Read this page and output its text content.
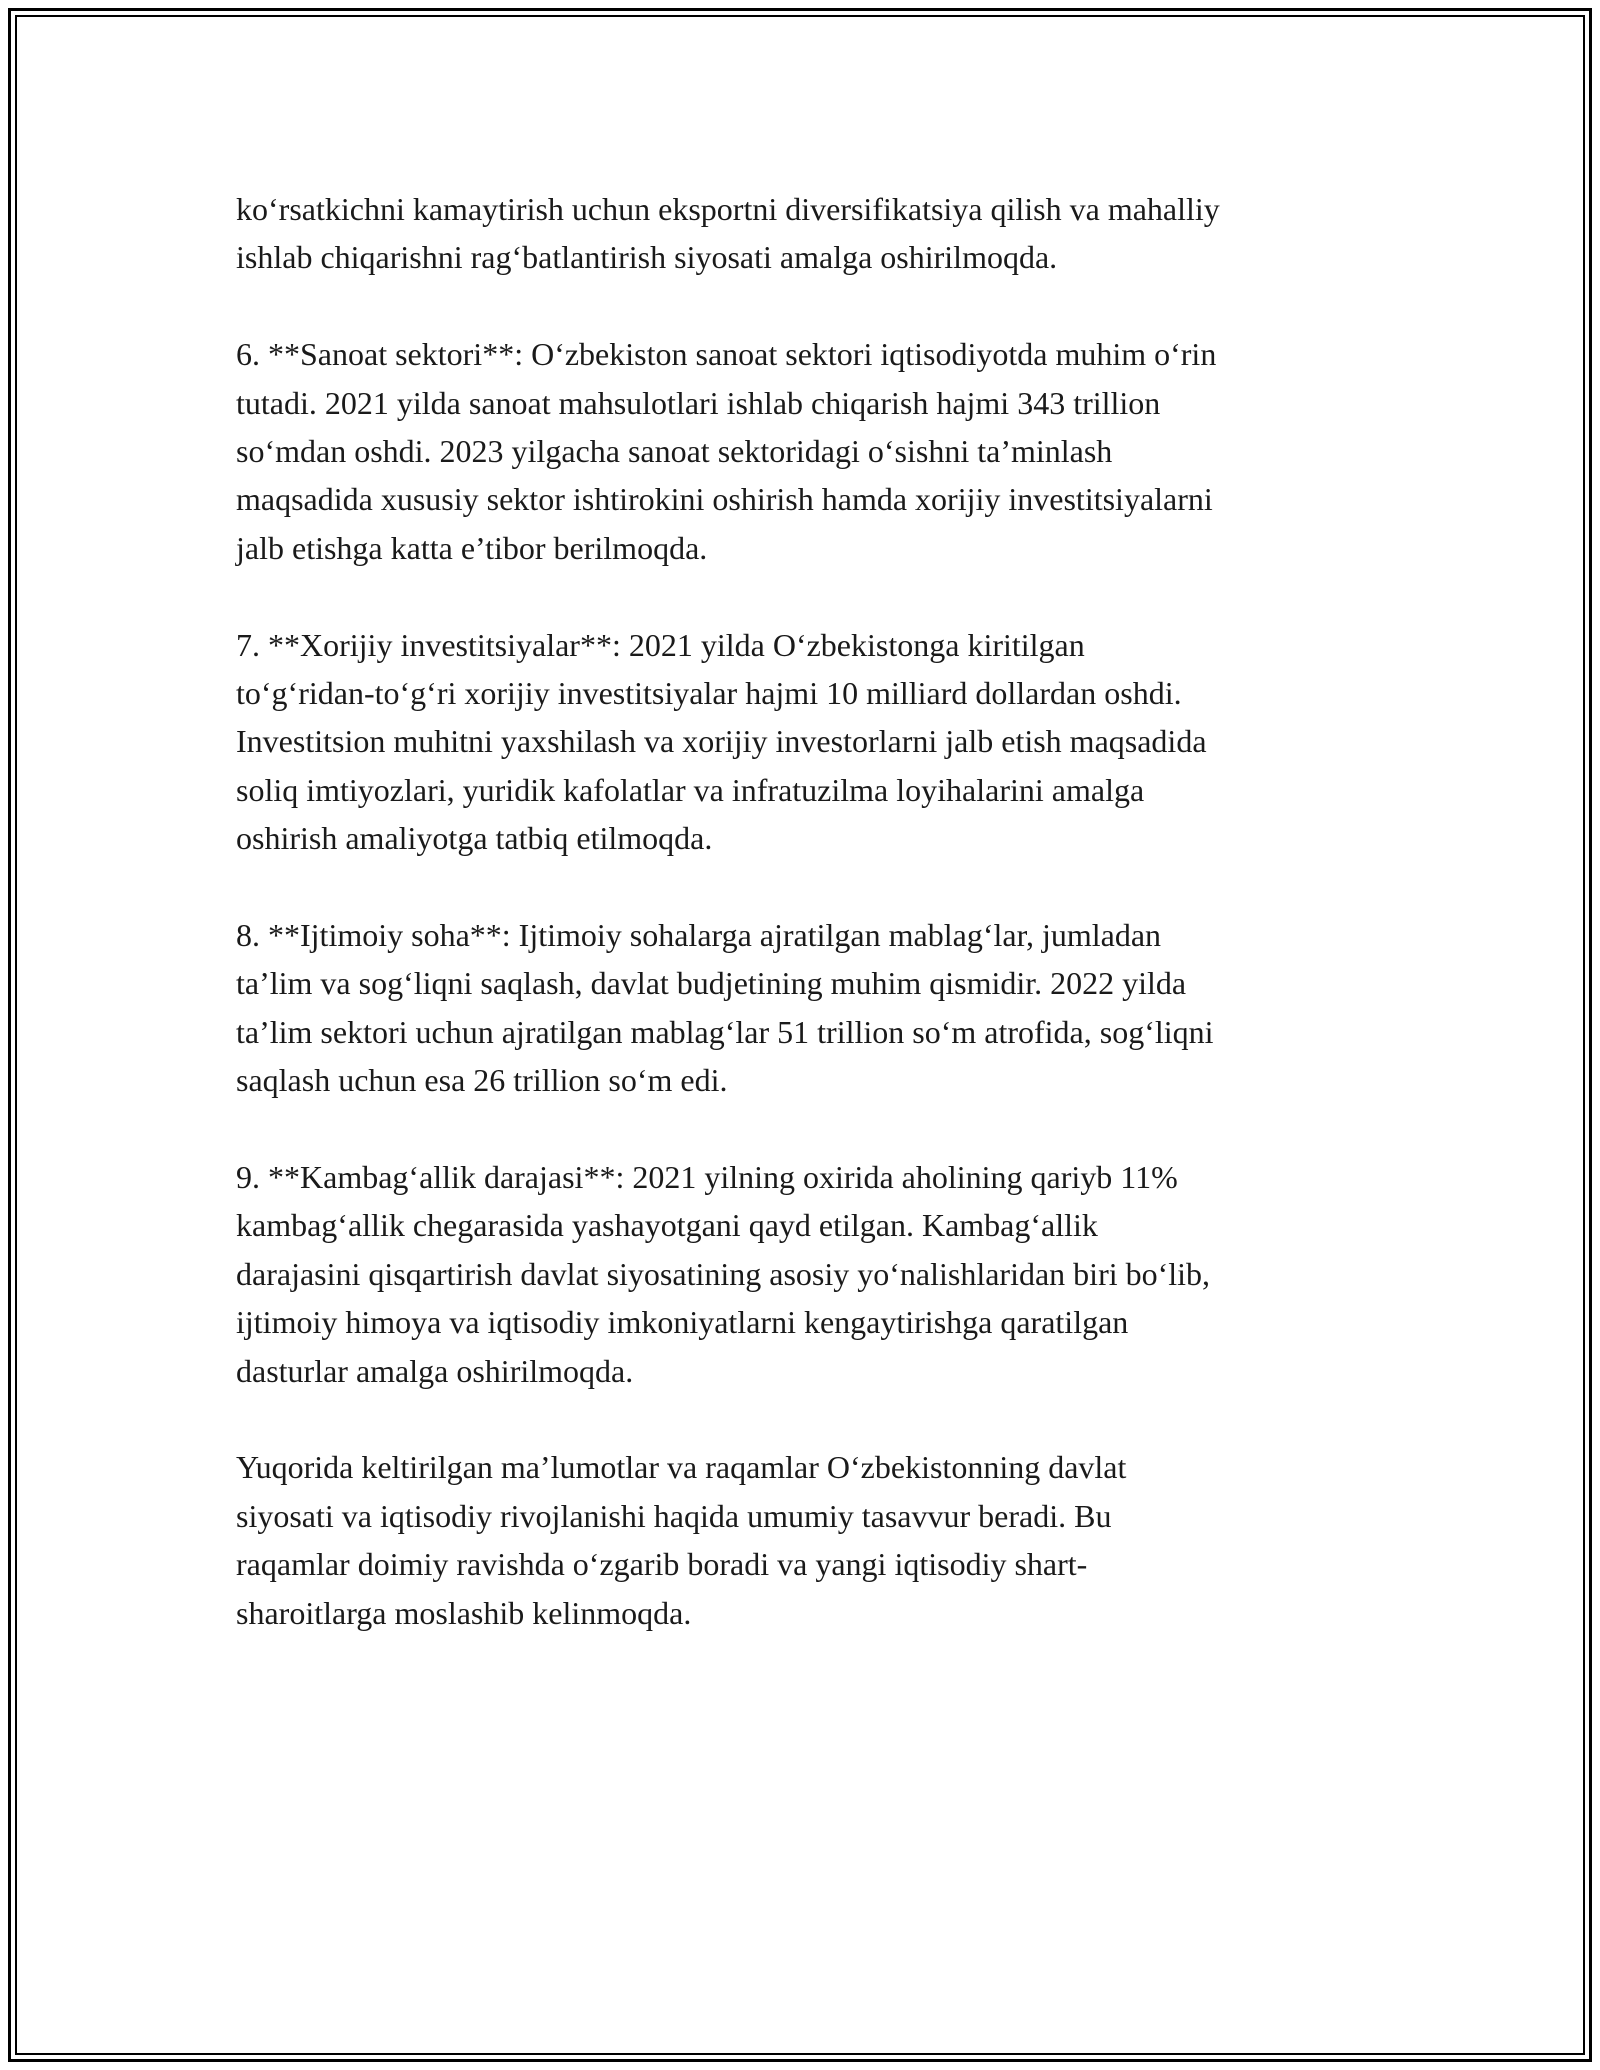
ko‘rsatkichni kamaytirish uchun eksportni diversifikatsiya qilish va mahalliy
ishlab chiqarishni rag‘batlantirish siyosati amalga oshirilmoqda.
6. **Sanoat sektori**: O‘zbekiston sanoat sektori iqtisodiyotda muhim o‘rin
tutadi. 2021 yilda sanoat mahsulotlari ishlab chiqarish hajmi 343 trillion
so‘mdan oshdi. 2023 yilgacha sanoat sektoridagi o‘sishni ta’minlash
maqsadida xususiy sektor ishtirokini oshirish hamda xorijiy investitsiyalarni
jalb etishga katta e’tibor berilmoqda.
7. **Xorijiy investitsiyalar**: 2021 yilda O‘zbekistonga kiritilgan
to‘g‘ridan-to‘g‘ri xorijiy investitsiyalar hajmi 10 milliard dollardan oshdi.
Investitsion muhitni yaxshilash va xorijiy investorlarni jalb etish maqsadida
soliq imtiyozlari, yuridik kafolatlar va infratuzilma loyihalarini amalga
oshirish amaliyotga tatbiq etilmoqda.
8. **Ijtimoiy soha**: Ijtimoiy sohalarga ajratilgan mablag‘lar, jumladan
ta’lim va sog‘liqni saqlash, davlat budjetining muhim qismidir. 2022 yilda
ta’lim sektori uchun ajratilgan mablag‘lar 51 trillion so‘m atrofida, sog‘liqni
saqlash uchun esa 26 trillion so‘m edi.
9. **Kambag‘allik darajasi**: 2021 yilning oxirida aholining qariyb 11%
kambag‘allik chegarasida yashayotgani qayd etilgan. Kambag‘allik
darajasini qisqartirish davlat siyosatining asosiy yo‘nalishlaridan biri bo‘lib,
ijtimoiy himoya va iqtisodiy imkoniyatlarni kengaytirishga qaratilgan
dasturlar amalga oshirilmoqda.
Yuqorida keltirilgan ma’lumotlar va raqamlar O‘zbekistonning davlat
siyosati va iqtisodiy rivojlanishi haqida umumiy tasavvur beradi. Bu
raqamlar doimiy ravishda o‘zgarib boradi va yangi iqtisodiy shart-
sharoitlarga moslashib kelinmoqda.
